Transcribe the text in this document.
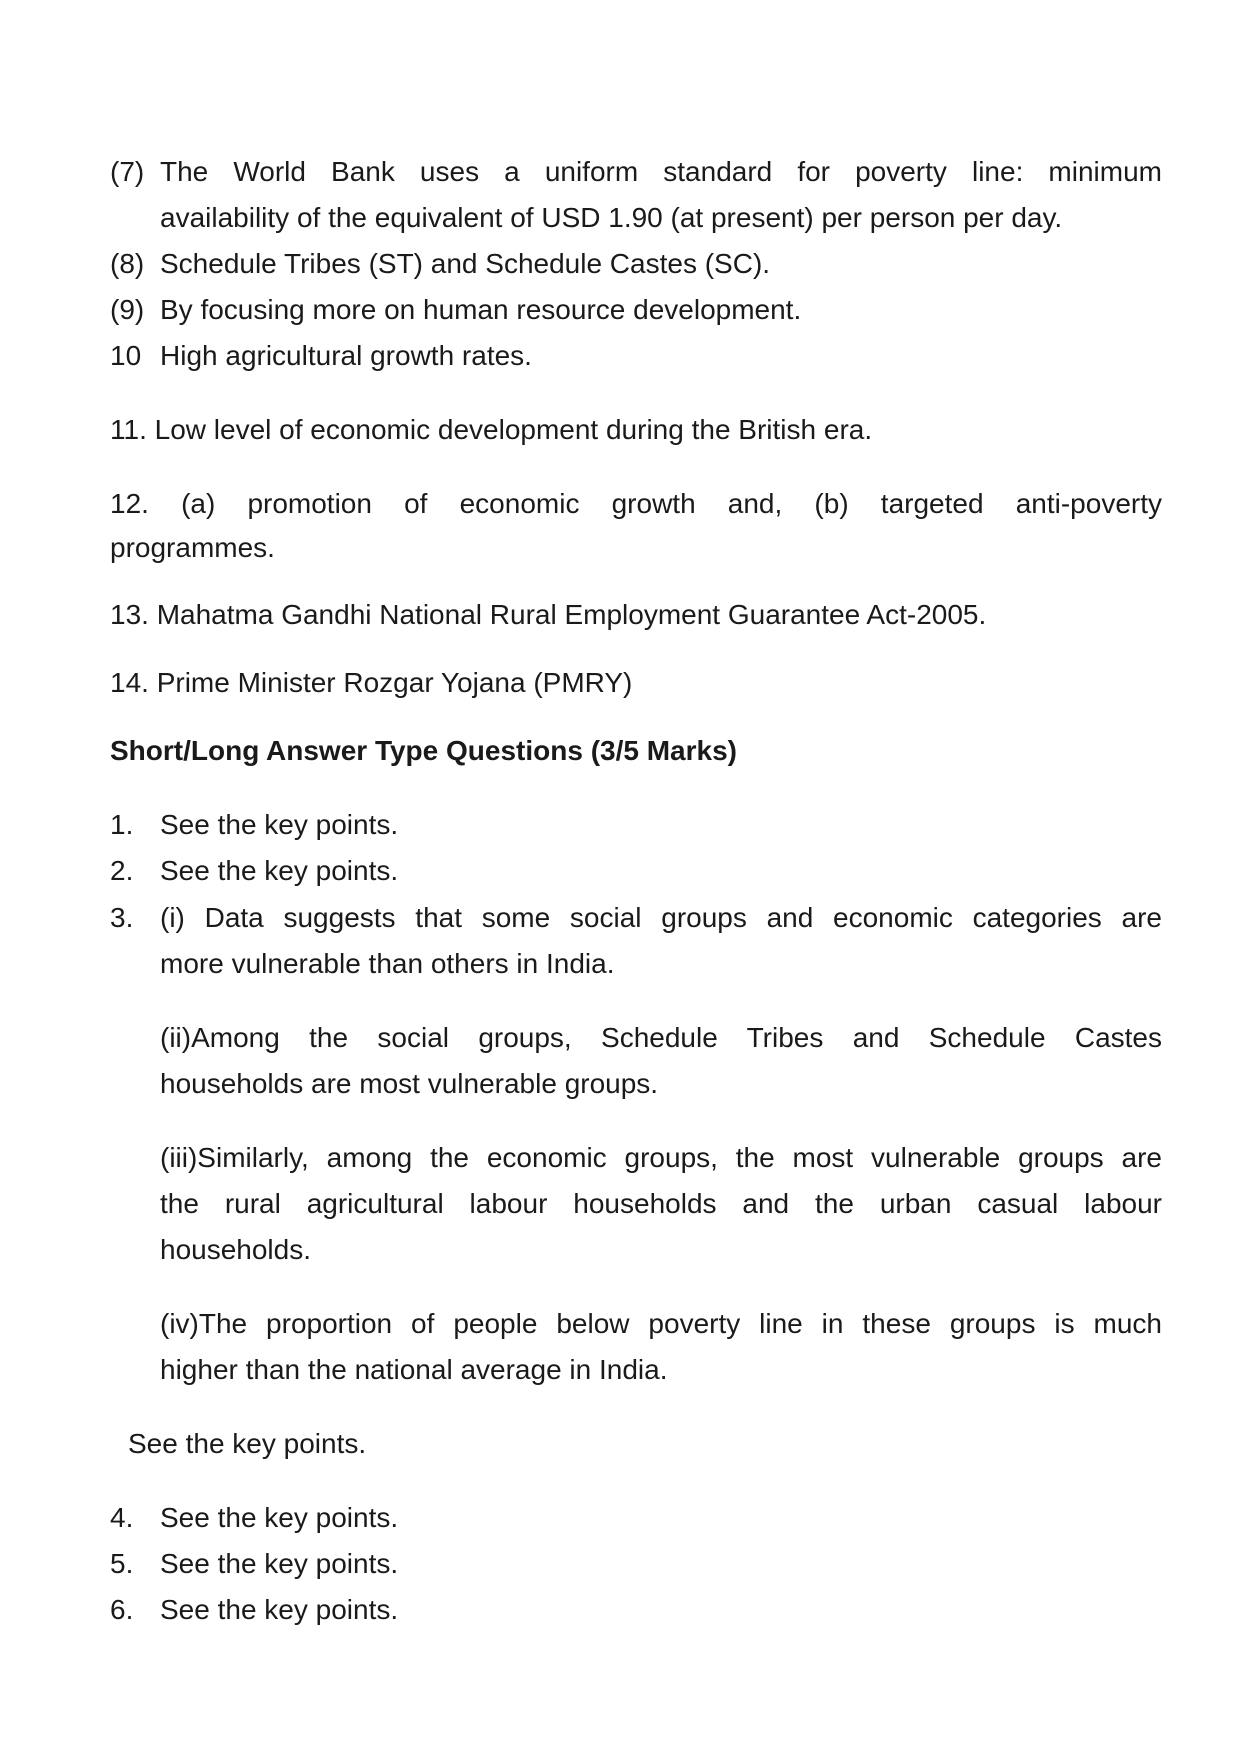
(7) The World Bank uses a uniform standard for poverty line: minimum
availability of the equivalent of USD 1.90 (at present) per person per day.
(8) Schedule Tribes (ST) and Schedule Castes (SC).
(9) By focusing more on human resource development.
10 High agricultural growth rates.
11. Low level of economic development during the British era.
12. (a) promotion of economic growth and, (b) targeted anti-poverty
programmes.
13. Mahatma Gandhi National Rural Employment Guarantee Act-2005.
14. Prime Minister Rozgar Yojana (PMRY)
Short/Long Answer Type Questions (3/5 Marks)
1. See the key points.
2. See the key points.
3. (i) Data suggests that some social groups and economic categories are
more vulnerable than others in India.
(ii)Among the social groups, Schedule Tribes and Schedule Castes
households are most vulnerable groups.
(iii)Similarly, among the economic groups, the most vulnerable groups are
the rural agricultural labour households and the urban casual labour
households.
(iv)The proportion of people below poverty line in these groups is much
higher than the national average in India.
See the key points.
4. See the key points.
5. See the key points.
6. See the key points.
